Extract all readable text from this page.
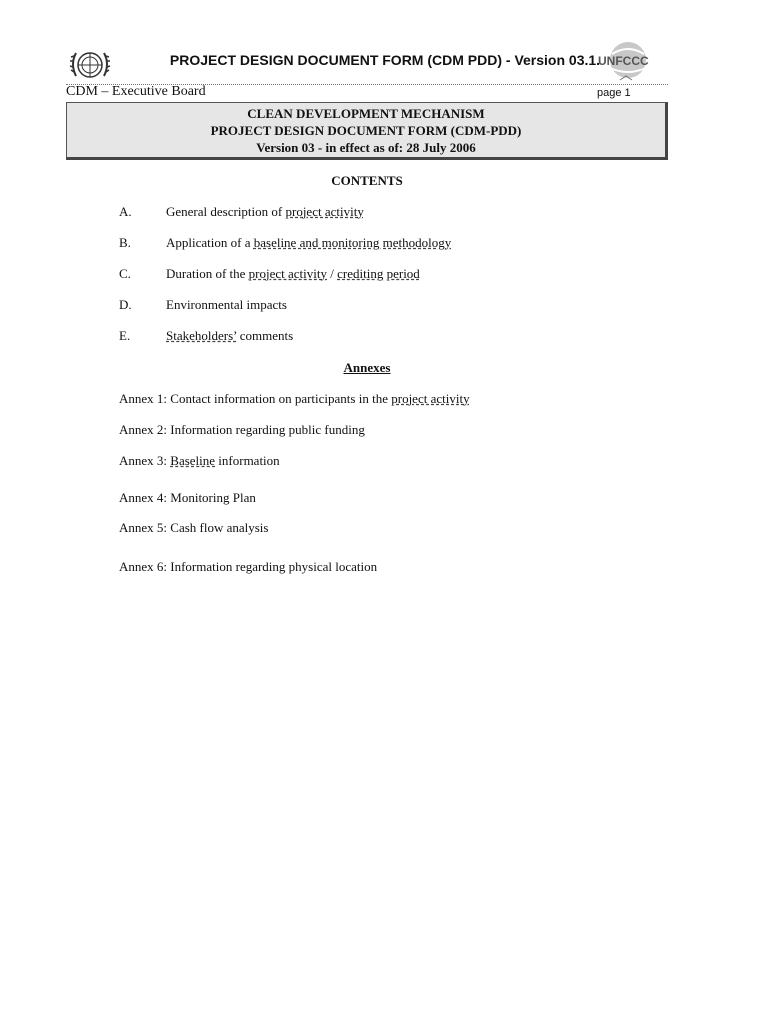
PROJECT DESIGN DOCUMENT FORM (CDM PDD) - Version 03.1.
UNFCCC
CDM – Executive Board	page 1
CLEAN DEVELOPMENT MECHANISM
PROJECT DESIGN DOCUMENT FORM (CDM-PDD)
Version 03 - in effect as of: 28 July 2006
CONTENTS
A.	General description of project activity
B.	Application of a baseline and monitoring methodology
C.	Duration of the project activity / crediting period
D.	Environmental impacts
E.	Stakeholders’ comments
Annexes
Annex 1: Contact information on participants in the project activity
Annex 2: Information regarding public funding
Annex 3: Baseline information
Annex 4: Monitoring Plan
Annex 5: Cash flow analysis
Annex 6: Information regarding physical location
